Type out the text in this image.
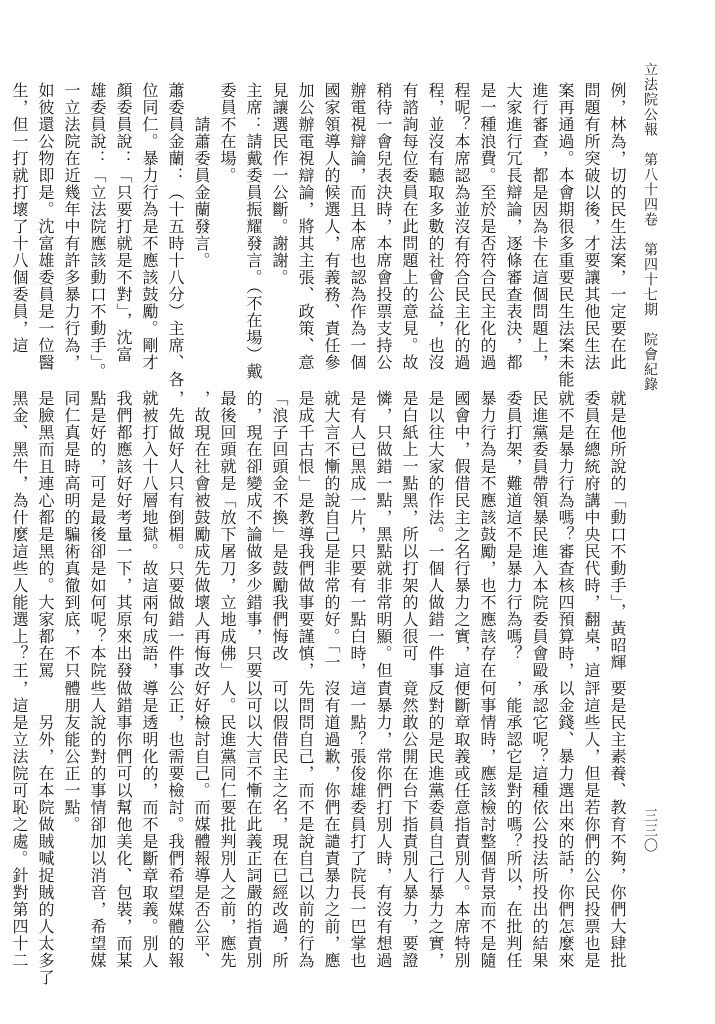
立法院公報　第八十四卷　第四十七期　院會紀錄
三三〇
例，林為，切的民生法案，一定要在此
問題有所突破以後，才要讓其他民生法
案再通過。本會期很多重要民生法案未能
進行審查，都是因為卡在這個問題上，
大家進行冗長辯論，逐條審查表決，都
是一種浪費。至於是否符合民主化的過
程呢？本席認為並沒有符合民主化的過
程，並沒有聽取多數的社會公益，也沒
有諮詢每位委員在此問題上的意見。故
稍待一會兒表決時，本席會投票支持公
辦電視辯論，而且本席也認為作為一個
國家領導人的候選人，有義務、責任參
加公辦電視辯論，將其主張、政策、意
見讓選民作一公斷。謝謝。
主席：請戴委員振耀發言。（不在場）戴
委員不在場。
　　請蕭委員金蘭發言。
蕭委員金蘭：（十五時十八分）主席、各
位同仁。暴力行為是不應該鼓勵。剛才
顏委員說：「只要打就是不對」，沈富
雄委員說：「立法院應該動口不動手」。
一立法院在近幾年中有許多暴力行為，
如彼還公物即是。沈富雄委員是一位醫
生，但一打就打壞了十八個委員，這
就是他所說的「動口不動手」，黃昭輝
委員在總統府講中央民代時，翻桌，這
就不是暴力行為嗎？審查核四預算時，
民進黨委員帶領暴民進入本院委員會毆
委員打架，難道這不是暴力行為嗎？
暴力行為是不應該鼓勵，也不應該存在
國會中，假借民主之名行暴力之實，這
是以往大家的作法。一個人做錯一件事
是白紙上一點黑，所以打架的人很可
憐，只做錯一點，黑點就非常明顯。但
是有人已黑成一片，只要有一點白時，
就大言不慚的說自己是非常的好。「一
是成千古恨」是教導我們做事要謹慎，
「浪子回頭金不換」是鼓勵我們悔改
的，現在卻變成不論做多少錯事，只要
最後回頭就是「放下屠刀，立地成佛」
，故現在社會被鼓勵成先做壞人再悔改
，先做好人只有倒楣。只要做錯一件事
就被打入十八層地獄。故這兩句成語，
我們都應該好好考量一下，其原來出發
點是好的，可是最後卻是如何呢？本院
同仁真是時高明的騙術真徹到底，不只
是臉黑而且連心都是黑的。大家都在罵
黑金、黑牛，為什麼這些人能選上？王
要是民主素養、教育不夠，你們大肆批
評這些人，但是若你們的公民投票也是
以金錢、暴力選出來的話，你們怎麼來
承認它呢？這種依公投法所投出的結果
，能承認它是對的嗎？所以，在批判任
何事情時，應該檢討整個背景而不是隨
便斷章取義或任意指責別人。本席特別
反對的是民進黨委員自己行暴力之實，
竟然敢公開在台下指責別人暴力，要證
責暴力，常你們打別人時，有沒有想過
這一點？張俊雄委員打了院長一巴掌也
沒有道過歉，你們在譴責暴力之前，應
先問問自己，而不是說自己以前的行為
可以假借民主之名，現在已經改過，所
以可以大言不慚在此義正詞嚴的指責別
人。民進黨同仁要批判別人之前，應先
好好檢討自己。而媒體報導是否公平、
公正，也需要檢討。我們希望媒體的報
導是透明化的，而不是斷章取義。別人
做錯事你們可以幫他美化、包裝，而某
些人說的對的事情卻加以消音，希望媒
體朋友能公正一點。
　　另外，在本院做賊喊捉賊的人太多了
，這是立法院可恥之處。針對第四十二
